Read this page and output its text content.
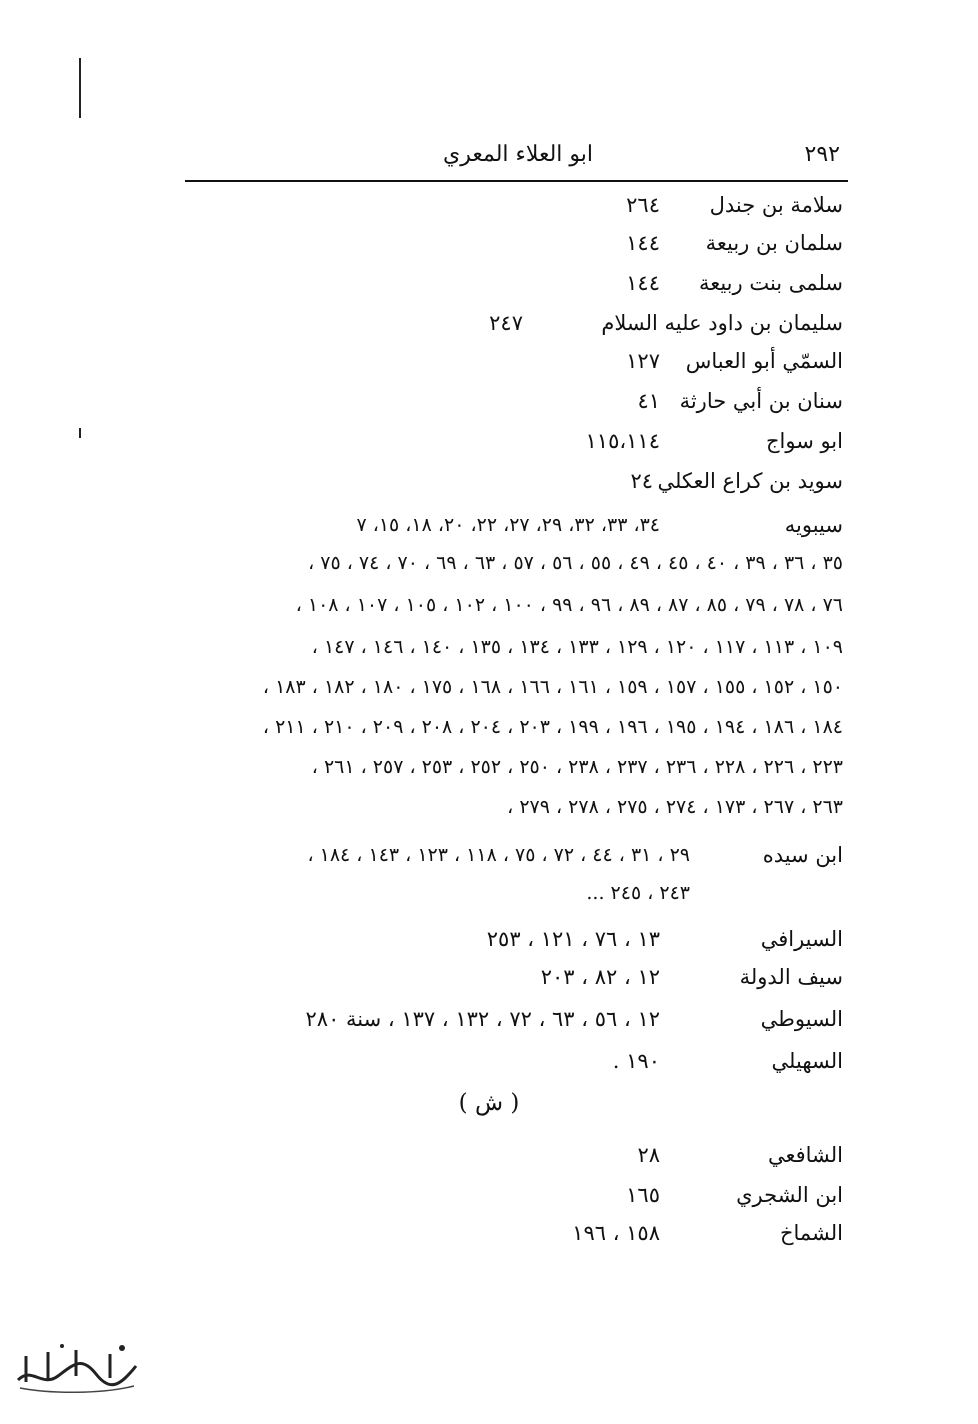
٢٩٢
ابو العلاء المعري
سلامة بن جندل
٢٦٤
سلمان بن ربيعة
١٤٤
سلمى بنت ربيعة
١٤٤
سليمان بن داود عليه السلام
٢٤٧
السمّي أبو العباس
١٢٧
سنان بن أبي حارثة
٤١
ابو سواج
١١٥،١١٤
سويد بن كراع العكلي
٢٤
سيبويه
٣٤، ٣٣، ٣٢، ٢٩، ٢٧، ٢٢، ٢٠، ١٨، ١٥، ٧
٣٥ ، ٣٦ ، ٣٩ ، ٤٠ ، ٤٥ ، ٤٩ ، ٥٥ ، ٥٦ ، ٥٧ ، ٦٣ ، ٦٩ ، ٧٠ ، ٧٤ ، ٧٥ ،
٧٦ ، ٧٨ ، ٧٩ ، ٨٥ ، ٨٧ ، ٨٩ ، ٩٦ ، ٩٩ ، ١٠٠ ، ١٠٢ ، ١٠٥ ، ١٠٧ ، ١٠٨ ،
١٠٩ ، ١١٣ ، ١١٧ ، ١٢٠ ، ١٢٩ ، ١٣٣ ، ١٣٤ ، ١٣٥ ، ١٤٠ ، ١٤٦ ، ١٤٧ ،
١٥٠ ، ١٥٢ ، ١٥٥ ، ١٥٧ ، ١٥٩ ، ١٦١ ، ١٦٦ ، ١٦٨ ، ١٧٥ ، ١٨٠ ، ١٨٢ ، ١٨٣ ،
١٨٤ ، ١٨٦ ، ١٩٤ ، ١٩٥ ، ١٩٦ ، ١٩٩ ، ٢٠٣ ، ٢٠٤ ، ٢٠٨ ، ٢٠٩ ، ٢١٠ ، ٢١١ ،
٢٢٣ ، ٢٢٦ ، ٢٢٨ ، ٢٣٦ ، ٢٣٧ ، ٢٣٨ ، ٢٥٠ ، ٢٥٢ ، ٢٥٣ ، ٢٥٧ ، ٢٦١ ،
٢٦٣ ، ٢٦٧ ، ١٧٣ ، ٢٧٤ ، ٢٧٥ ، ٢٧٨ ، ٢٧٩ ،
ابن سيده
٢٩ ، ٣١ ، ٤٤ ، ٧٢ ، ٧٥ ، ١١٨ ، ١٢٣ ، ١٤٣ ، ١٨٤ ،
٢٤٣ ، ٢٤٥ ...
السيرافي
١٣ ، ٧٦ ، ١٢١ ، ٢٥٣
سيف الدولة
١٢ ، ٨٢ ، ٢٠٣
السيوطي
١٢ ، ٥٦ ، ٦٣ ، ٧٢ ، ١٣٢ ، ١٣٧ ، سنة ٢٨٠
السهيلي
١٩٠ .
( ش )
الشافعي
٢٨
ابن الشجري
١٦٥
الشماخ
١٥٨ ، ١٩٦
